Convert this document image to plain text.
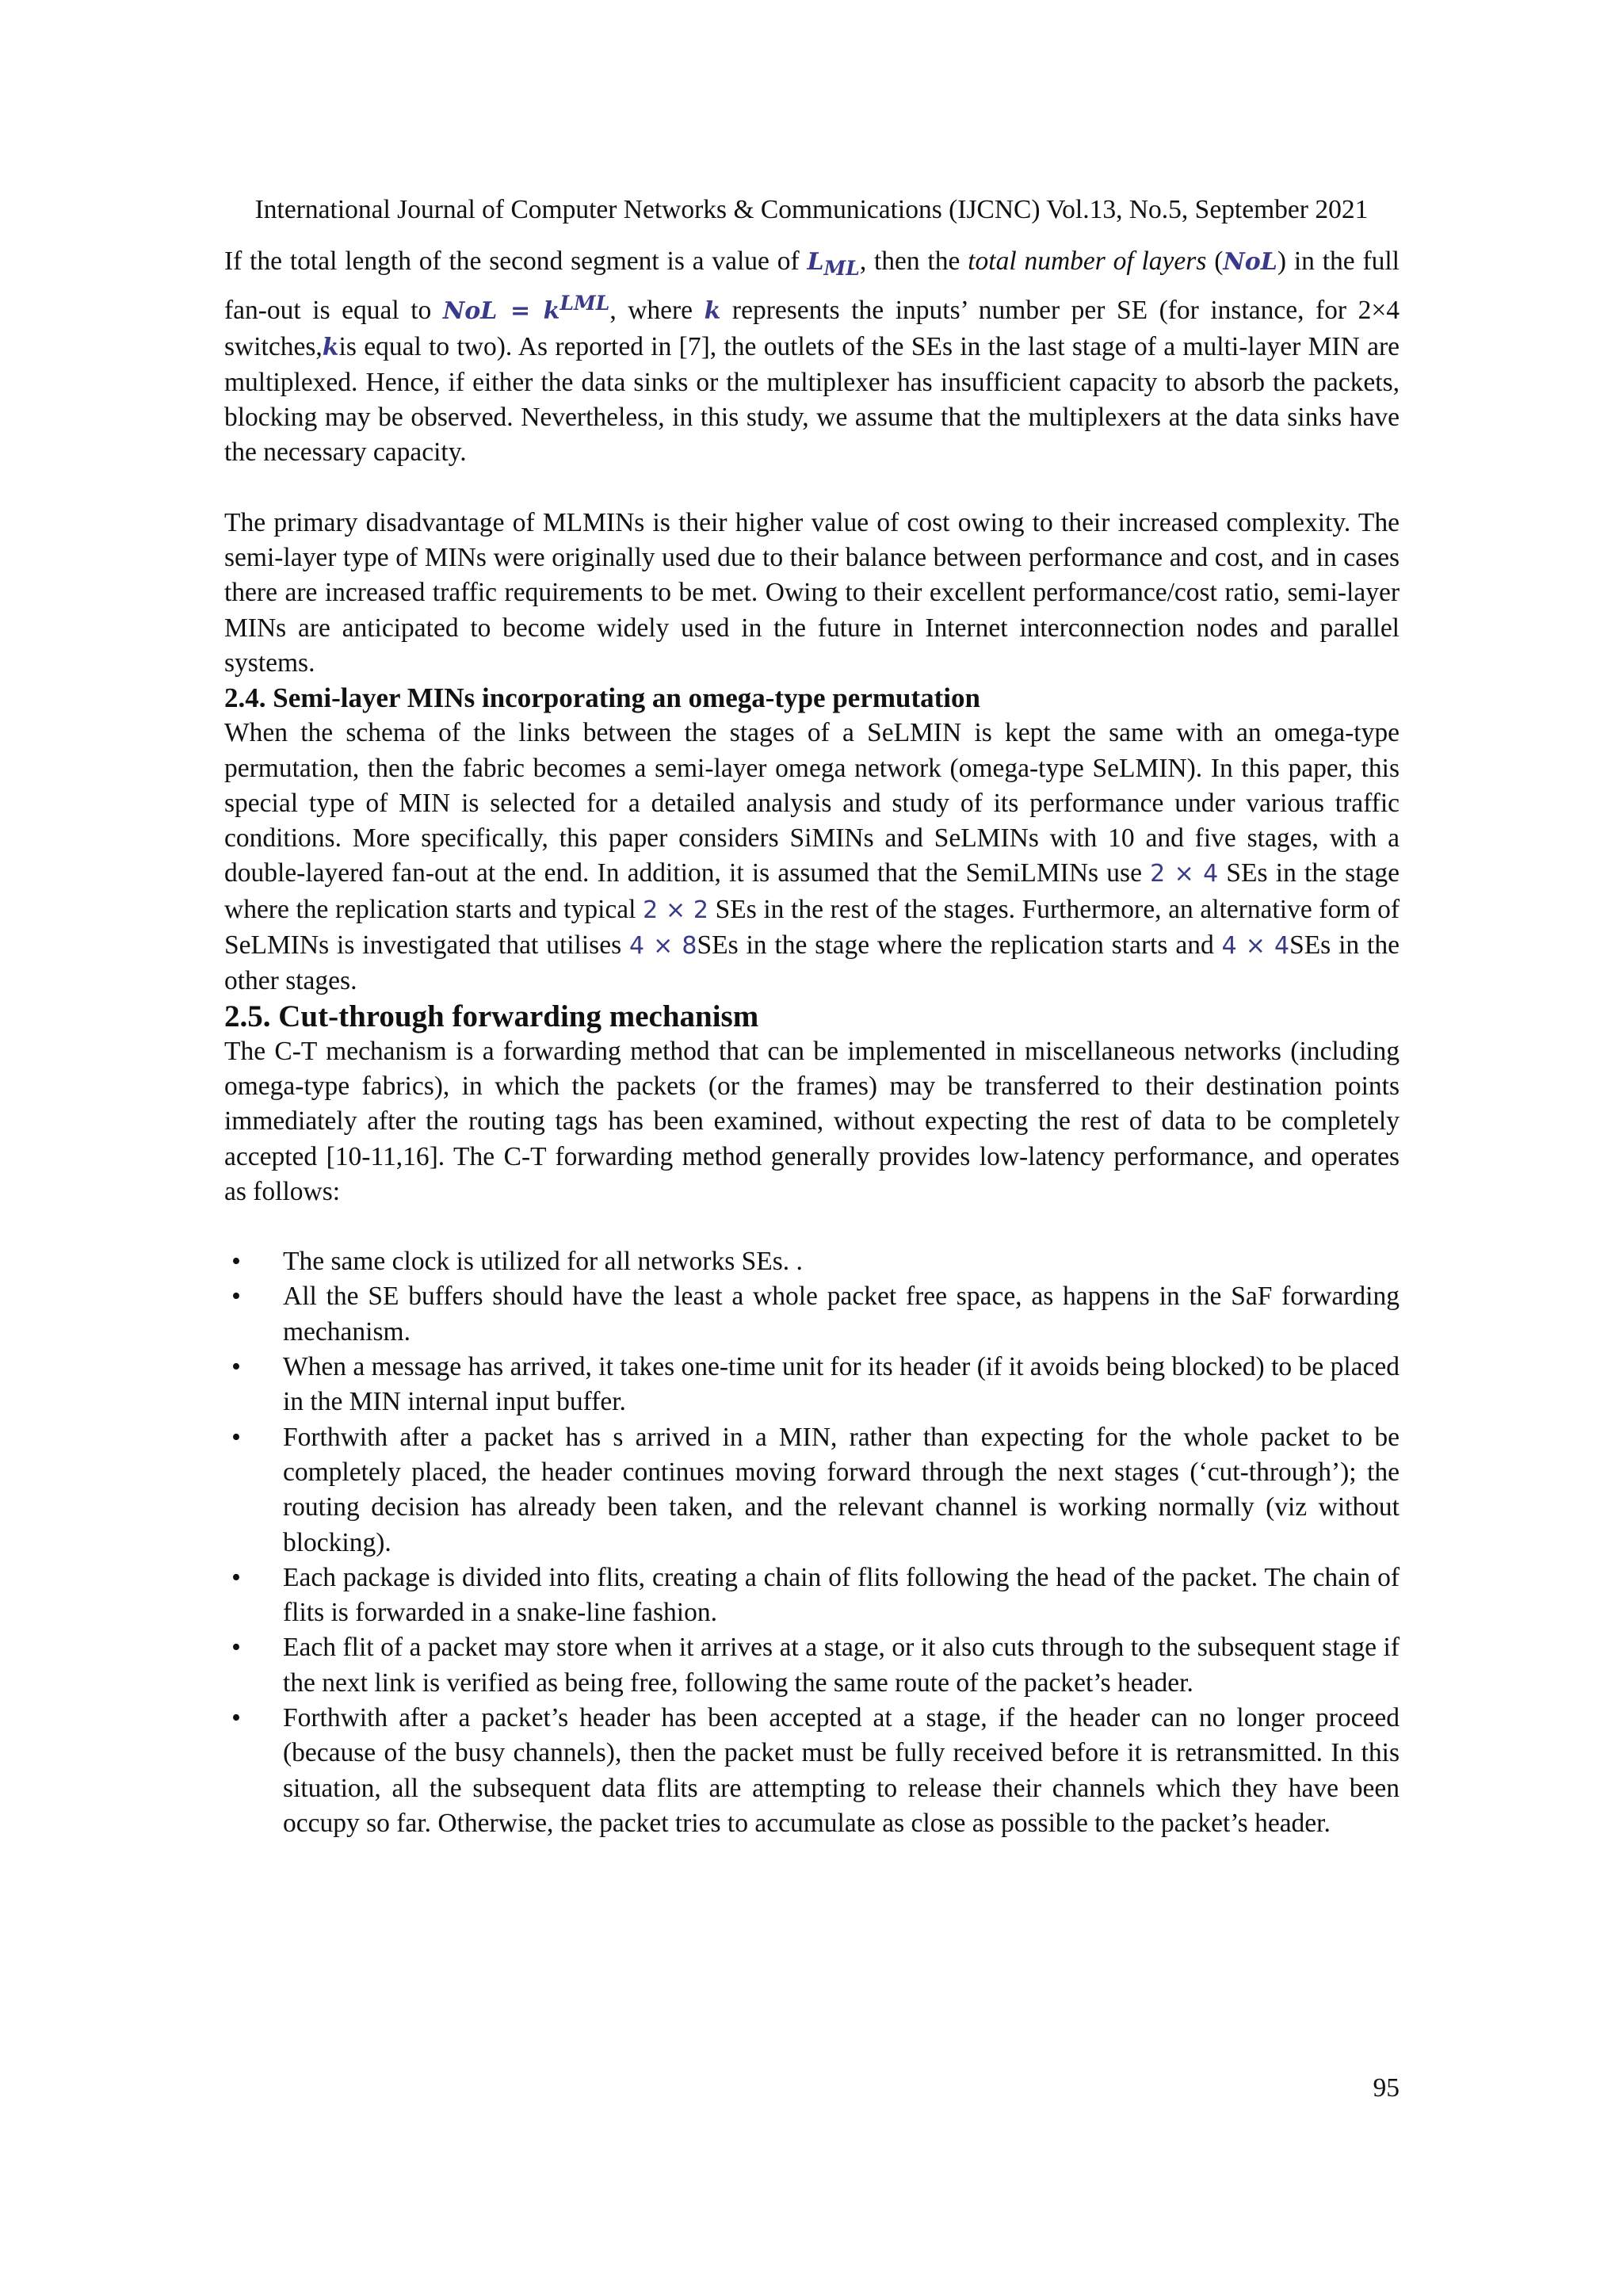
International Journal of Computer Networks & Communications (IJCNC) Vol.13, No.5, September 2021

If the total length of the second segment is a value of $L_{ML}$, then the total number of layers (NoL) in the full fan-out is equal to NoL = $k^{LML}$, where k represents the inputs’ number per SE (for instance, for 2×4 switches,kis equal to two). As reported in [7], the outlets of the SEs in the last stage of a multi-layer MIN are multiplexed. Hence, if either the data sinks or the multiplexer has insufficient capacity to absorb the packets, blocking may be observed. Nevertheless, in this study, we assume that the multiplexers at the data sinks have the necessary capacity.

The primary disadvantage of MLMINs is their higher value of cost owing to their increased complexity. The semi-layer type of MINs were originally used due to their balance between performance and cost, and in cases there are increased traffic requirements to be met. Owing to their excellent performance/cost ratio, semi-layer MINs are anticipated to become widely used in the future in Internet interconnection nodes and parallel systems.

2.4. Semi-layer MINs incorporating an omega-type permutation

When the schema of the links between the stages of a SeLMIN is kept the same with an omega-type permutation, then the fabric becomes a semi-layer omega network (omega-type SeLMIN). In this paper, this special type of MIN is selected for a detailed analysis and study of its performance under various traffic conditions. More specifically, this paper considers SiMINs and SeLMINs with 10 and five stages, with a double-layered fan-out at the end. In addition, it is assumed that the SemiLMINs use 2 × 4 SEs in the stage where the replication starts and typical 2 × 2 SEs in the rest of the stages. Furthermore, an alternative form of SeLMINs is investigated that utilises 4 × 8SEs in the stage where the replication starts and 4 × 4SEs in the other stages.

2.5. Cut-through forwarding mechanism

The C-T mechanism is a forwarding method that can be implemented in miscellaneous networks (including omega-type fabrics), in which the packets (or the frames) may be transferred to their destination points immediately after the routing tags has been examined, without expecting the rest of data to be completely accepted [10-11,16]. The C-T forwarding method generally provides low-latency performance, and operates as follows:

• The same clock is utilized for all networks SEs. .
• All the SE buffers should have the least a whole packet free space, as happens in the SaF forwarding mechanism.
• When a message has arrived, it takes one-time unit for its header (if it avoids being blocked) to be placed in the MIN internal input buffer.
• Forthwith after a packet has s arrived in a MIN, rather than expecting for the whole packet to be completely placed, the header continues moving forward through the next stages (‘cut-through’); the routing decision has already been taken, and the relevant channel is working normally (viz without blocking).
• Each package is divided into flits, creating a chain of flits following the head of the packet. The chain of flits is forwarded in a snake-line fashion.
• Each flit of a packet may store when it arrives at a stage, or it also cuts through to the subsequent stage if the next link is verified as being free, following the same route of the packet’s header.
• Forthwith after a packet’s header has been accepted at a stage, if the header can no longer proceed (because of the busy channels), then the packet must be fully received before it is retransmitted. In this situation, all the subsequent data flits are attempting to release their channels which they have been occupy so far. Otherwise, the packet tries to accumulate as close as possible to the packet’s header.
95
